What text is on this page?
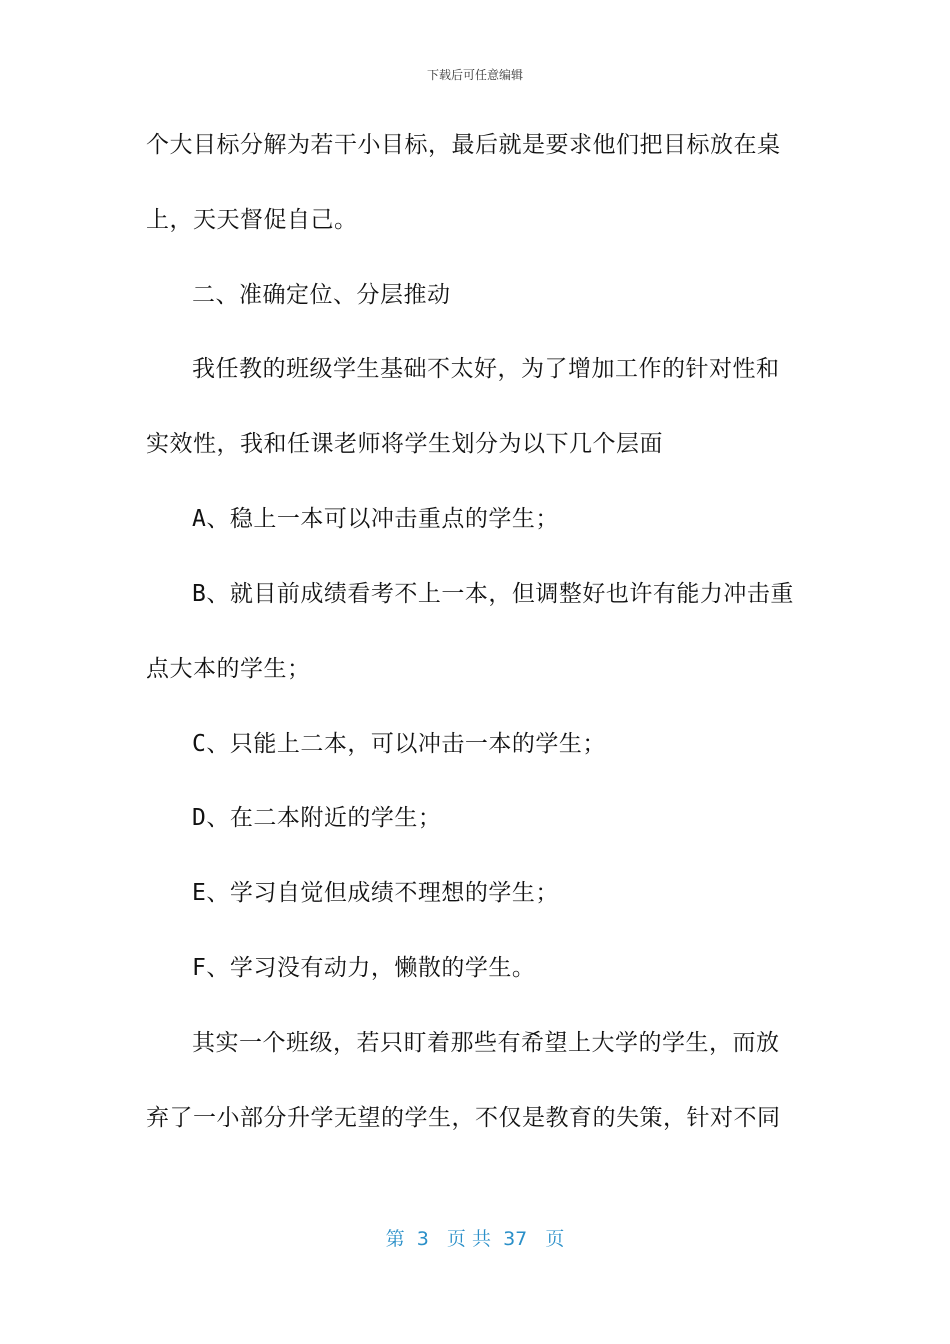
下载后可任意编辑
个大目标分解为若干小目标，最后就是要求他们把目标放在桌
上，天天督促自己。
二、准确定位、分层推动
我任教的班级学生基础不太好，为了增加工作的针对性和
实效性，我和任课老师将学生划分为以下几个层面
A、稳上一本可以冲击重点的学生；
B、就目前成绩看考不上一本，但调整好也许有能力冲击重
点大本的学生；
C、只能上二本，可以冲击一本的学生；
D、在二本附近的学生；
E、学习自觉但成绩不理想的学生；
F、学习没有动力，懒散的学生。
其实一个班级，若只盯着那些有希望上大学的学生，而放
弃了一小部分升学无望的学生，不仅是教育的失策，针对不同
第 3 页 共 37 页
